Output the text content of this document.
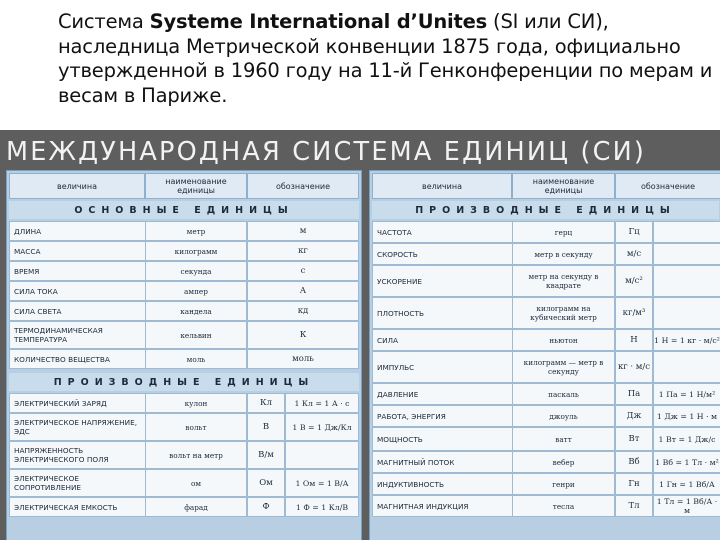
Система Systeme International d’Unites (SI или СИ), наследница Метрической конвенции 1875 года, официально утвержденной в 1960 году на 11-й Генконференции по мерам и весам в Париже.
МЕЖДУНАРОДНАЯ СИСТЕМА ЕДИНИЦ (СИ)
величина	наименование единицы	обозначение
ОСНОВНЫЕ ЕДИНИЦЫ
ДЛИНА	метр	м
МАССА	килограмм	кг
ВРЕМЯ	секунда	с
СИЛА ТОКА	ампер	А
СИЛА СВЕТА	кандела	кд
ТЕРМОДИНАМИЧЕСКАЯ ТЕМПЕРАТУРА	кельвин	К
КОЛИЧЕСТВО ВЕЩЕСТВА	моль	моль
ПРОИЗВОДНЫЕ ЕДИНИЦЫ
ЭЛЕКТРИЧЕСКИЙ ЗАРЯД	кулон	Кл	1 Кл = 1 А · с
ЭЛЕКТРИЧЕСКОЕ НАПРЯЖЕНИЕ, ЭДС	вольт	В	1 В = 1 Дж/Кл
НАПРЯЖЕННОСТЬ ЭЛЕКТРИЧЕСКОГО ПОЛЯ	вольт на метр	В/м
ЭЛЕКТРИЧЕСКОЕ СОПРОТИВЛЕНИЕ	ом	Ом	1 Ом = 1 В/А
ЭЛЕКТРИЧЕСКАЯ ЕМКОСТЬ	фарад	Ф	1 Ф = 1 Кл/В
величина	наименование единицы	обозначение
ПРОИЗВОДНЫЕ ЕДИНИЦЫ
ЧАСТОТА	герц	Гц
СКОРОСТЬ	метр в секунду	м/с
УСКОРЕНИЕ	метр на секунду в квадрате	м/с²
ПЛОТНОСТЬ	килограмм на кубический метр	кг/м³
СИЛА	ньютон	Н	1 Н = 1 кг · м/с²
ИМПУЛЬС	килограмм — метр в секунду	кг · м/с
ДАВЛЕНИЕ	паскаль	Па	1 Па = 1 Н/м²
РАБОТА, ЭНЕРГИЯ	джоуль	Дж	1 Дж = 1 Н · м
МОЩНОСТЬ	ватт	Вт	1 Вт = 1 Дж/с
МАГНИТНЫЙ ПОТОК	вебер	Вб	1 Вб = 1 Тл · м²
ИНДУКТИВНОСТЬ	генри	Гн	1 Гн = 1 Вб/А
МАГНИТНАЯ ИНДУКЦИЯ	тесла	Тл	1 Тл = 1 Вб/А · м
